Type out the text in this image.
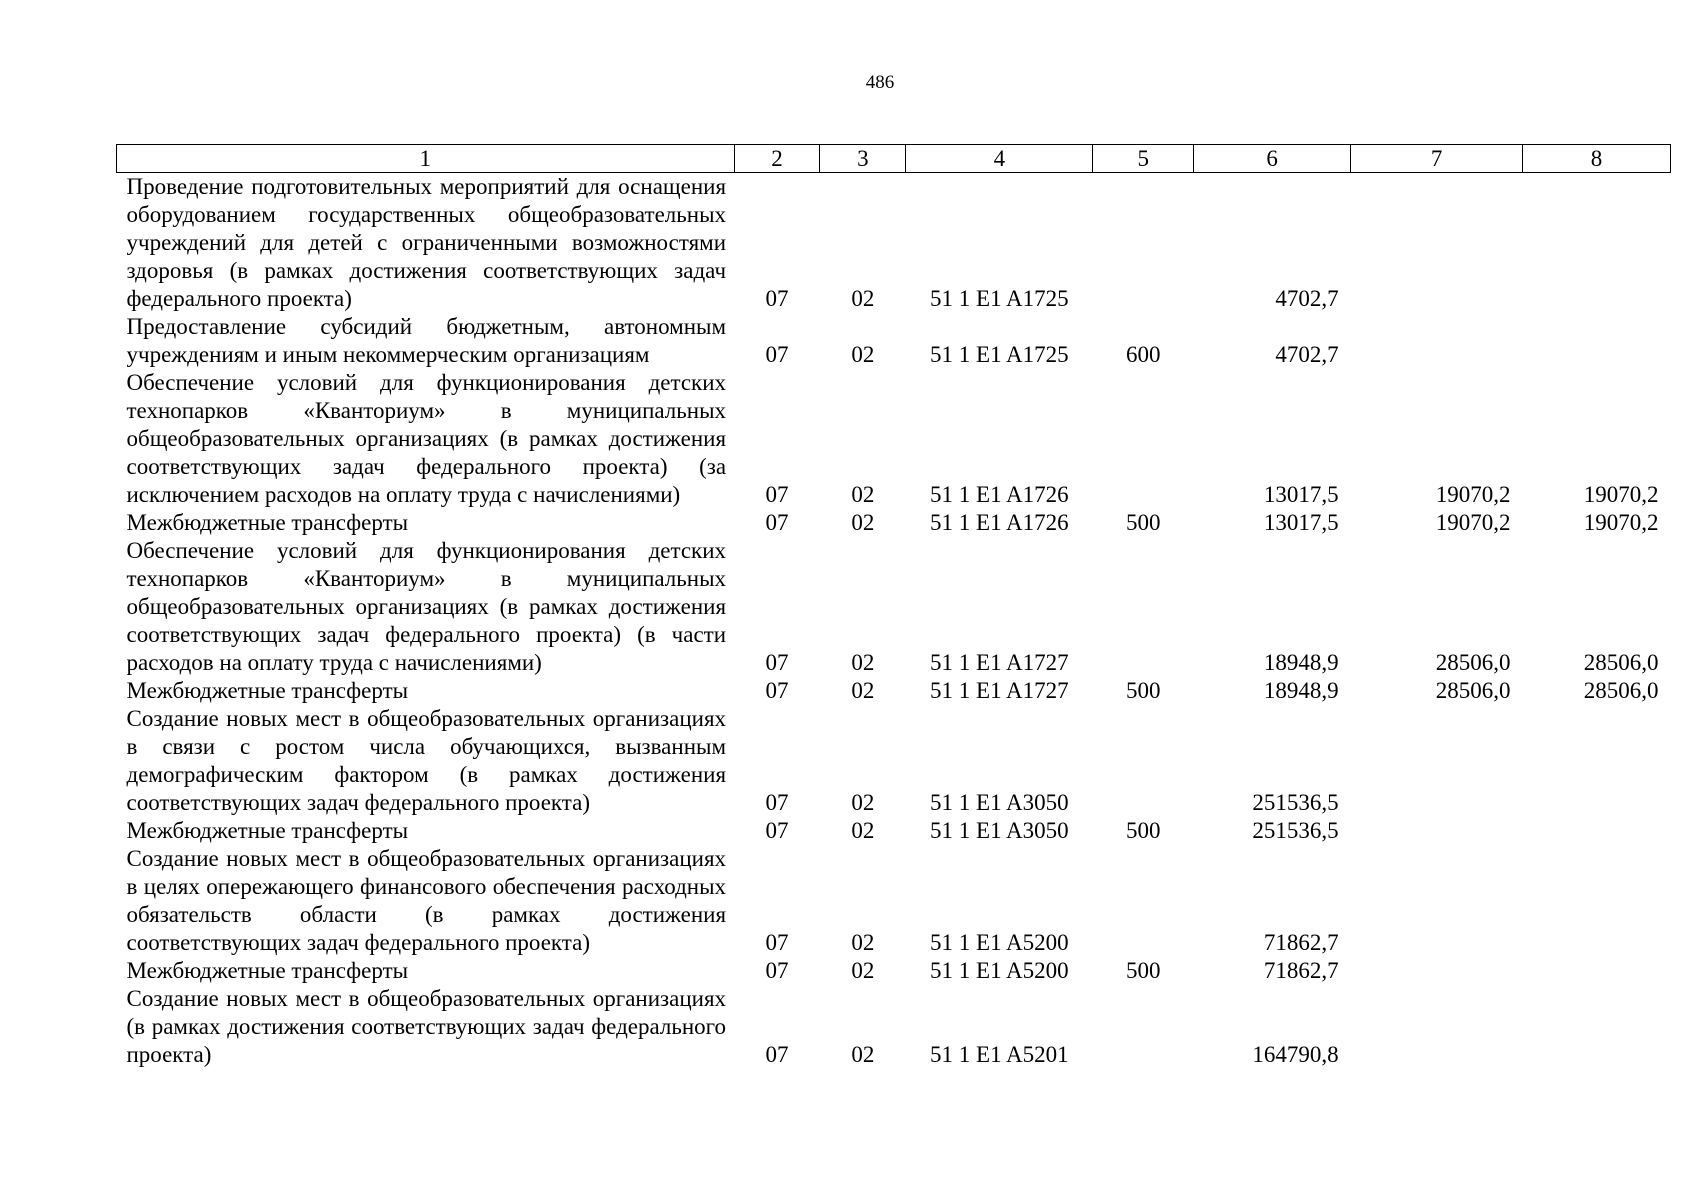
486
1	2	3	4	5	6	7	8
Проведение подготовительных мероприятий для оснащения оборудованием государственных общеобразовательных учреждений для детей с ограниченными возможностями здоровья (в рамках достижения соответствующих задач федерального проекта)	07	02	51 1 E1 A1725		4702,7		
Предоставление субсидий бюджетным, автономным учреждениям и иным некоммерческим организациям	07	02	51 1 E1 A1725	600	4702,7		
Обеспечение условий для функционирования детских технопарков «Кванториум» в муниципальных общеобразовательных организациях (в рамках достижения соответствующих задач федерального проекта) (за исключением расходов на оплату труда с начислениями)	07	02	51 1 E1 A1726		13017,5	19070,2	19070,2
Межбюджетные трансферты	07	02	51 1 E1 A1726	500	13017,5	19070,2	19070,2
Обеспечение условий для функционирования детских технопарков «Кванториум» в муниципальных общеобразовательных организациях (в рамках достижения соответствующих задач федерального проекта) (в части расходов на оплату труда с начислениями)	07	02	51 1 E1 A1727		18948,9	28506,0	28506,0
Межбюджетные трансферты	07	02	51 1 E1 A1727	500	18948,9	28506,0	28506,0
Создание новых мест в общеобразовательных организациях в связи с ростом числа обучающихся, вызванным демографическим фактором (в рамках достижения соответствующих задач федерального проекта)	07	02	51 1 E1 A3050		251536,5		
Межбюджетные трансферты	07	02	51 1 E1 A3050	500	251536,5		
Создание новых мест в общеобразовательных организациях в целях опережающего финансового обеспечения расходных обязательств области (в рамках достижения соответствующих задач федерального проекта)	07	02	51 1 E1 A5200		71862,7		
Межбюджетные трансферты	07	02	51 1 E1 A5200	500	71862,7		
Создание новых мест в общеобразовательных организациях (в рамках достижения соответствующих задач федерального проекта)	07	02	51 1 E1 A5201		164790,8		
